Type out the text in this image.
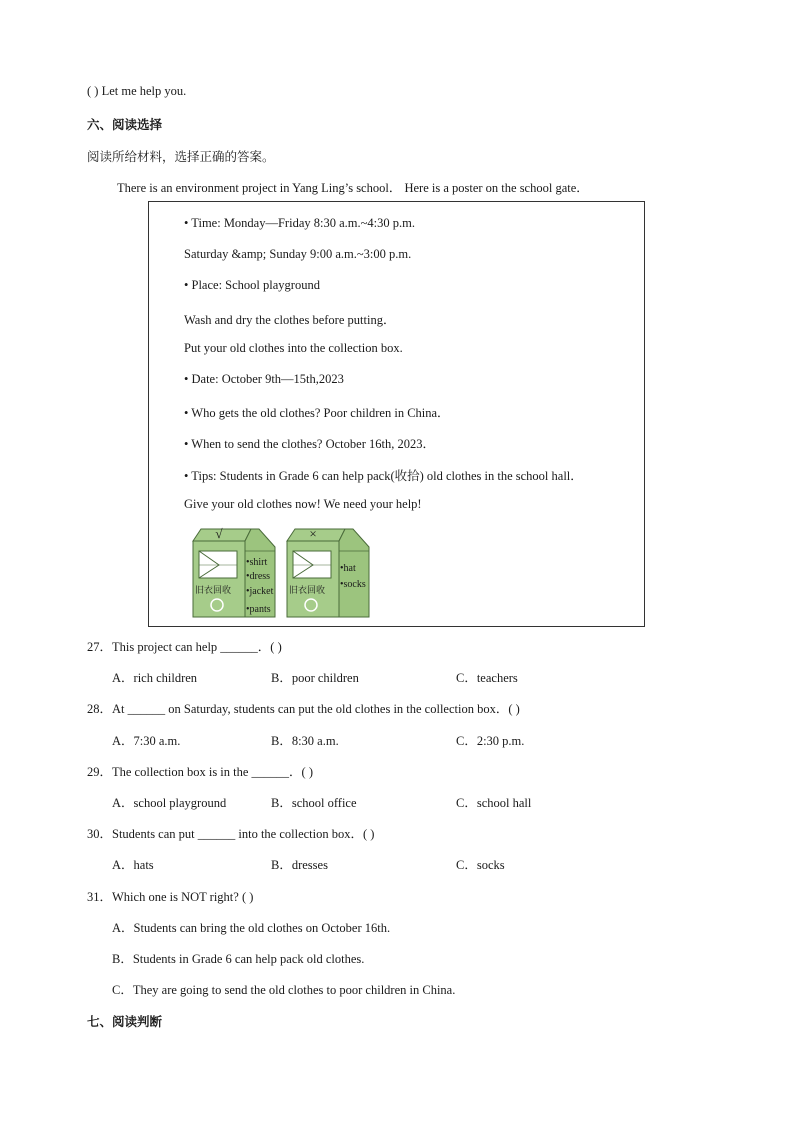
( ) Let me help you.
六、阅读选择
阅读所给材料，选择正确的答案。
There is an environment project in Yang Ling’s school． Here is a poster on the school gate．
• Time: Monday—Friday 8:30 a.m.~4:30 p.m.
Saturday &amp; Sunday 9:00 a.m.~3:00 p.m.
• Place: School playground
Wash and dry the clothes before putting．
Put your old clothes into the collection box.
• Date: October 9th—15th,2023
• Who gets the old clothes? Poor children in China．
• When to send the clothes? October 16th, 2023．
• Tips: Students in Grade 6 can help pack(收拾) old clothes in the school hall．
Give your old clothes now! We need your help!
√
旧衣回收
•shirt
•dress
•jacket
•pants
×
旧衣回收
•hat
•socks
27．This project can help ______．( )
A．rich children	B．poor children	C．teachers
28．At ______ on Saturday, students can put the old clothes in the collection box．( )
A．7:30 a.m.	B．8:30 a.m.	C．2:30 p.m.
29．The collection box is in the ______．( )
A．school playground	B．school office	C．school hall
30．Students can put ______ into the collection box．( )
A．hats	B．dresses	C．socks
31．Which one is NOT right? ( )
A．Students can bring the old clothes on October 16th.
B．Students in Grade 6 can help pack old clothes.
C．They are going to send the old clothes to poor children in China.
七、阅读判断
